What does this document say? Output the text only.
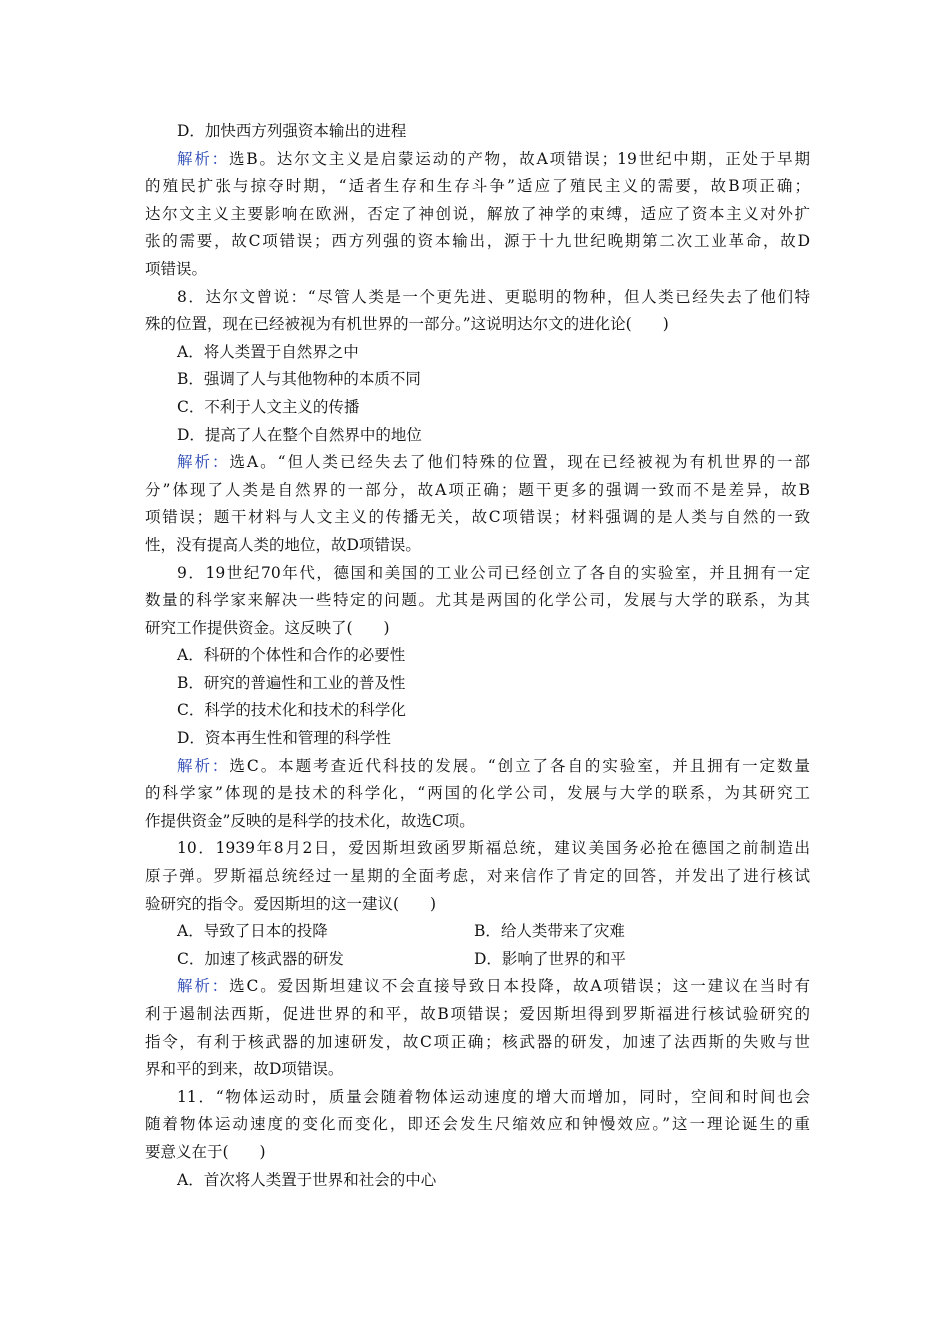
D．加快西方列强资本输出的进程
解析：选B。达尔文主义是启蒙运动的产物，故A项错误；19世纪中期，正处于早期
的殖民扩张与掠夺时期，“适者生存和生存斗争”适应了殖民主义的需要，故B项正确；
达尔文主义主要影响在欧洲，否定了神创说，解放了神学的束缚，适应了资本主义对外扩
张的需要，故C项错误；西方列强的资本输出，源于十九世纪晚期第二次工业革命，故D
项错误。
8．达尔文曾说：“尽管人类是一个更先进、更聪明的物种，但人类已经失去了他们特
殊的位置，现在已经被视为有机世界的一部分。”这说明达尔文的进化论(　　)
A．将人类置于自然界之中
B．强调了人与其他物种的本质不同
C．不利于人文主义的传播
D．提高了人在整个自然界中的地位
解析：选A。“但人类已经失去了他们特殊的位置，现在已经被视为有机世界的一部
分”体现了人类是自然界的一部分，故A项正确；题干更多的强调一致而不是差异，故B
项错误；题干材料与人文主义的传播无关，故C项错误；材料强调的是人类与自然的一致
性，没有提高人类的地位，故D项错误。
9．19世纪70年代，德国和美国的工业公司已经创立了各自的实验室，并且拥有一定
数量的科学家来解决一些特定的问题。尤其是两国的化学公司，发展与大学的联系，为其
研究工作提供资金。这反映了(　　)
A．科研的个体性和合作的必要性
B．研究的普遍性和工业的普及性
C．科学的技术化和技术的科学化
D．资本再生性和管理的科学性
解析：选C。本题考查近代科技的发展。“创立了各自的实验室，并且拥有一定数量
的科学家”体现的是技术的科学化，“两国的化学公司，发展与大学的联系，为其研究工
作提供资金”反映的是科学的技术化，故选C项。
10．1939年8月2日，爱因斯坦致函罗斯福总统，建议美国务必抢在德国之前制造出
原子弹。罗斯福总统经过一星期的全面考虑，对来信作了肯定的回答，并发出了进行核试
验研究的指令。爱因斯坦的这一建议(　　)
A．导致了日本的投降	B．给人类带来了灾难
C．加速了核武器的研发	D．影响了世界的和平
解析：选C。爱因斯坦建议不会直接导致日本投降，故A项错误；这一建议在当时有
利于遏制法西斯，促进世界的和平，故B项错误；爱因斯坦得到罗斯福进行核试验研究的
指令，有利于核武器的加速研发，故C项正确；核武器的研发，加速了法西斯的失败与世
界和平的到来，故D项错误。
11．“物体运动时，质量会随着物体运动速度的增大而增加，同时，空间和时间也会
随着物体运动速度的变化而变化，即还会发生尺缩效应和钟慢效应。”这一理论诞生的重
要意义在于(　　)
A．首次将人类置于世界和社会的中心
